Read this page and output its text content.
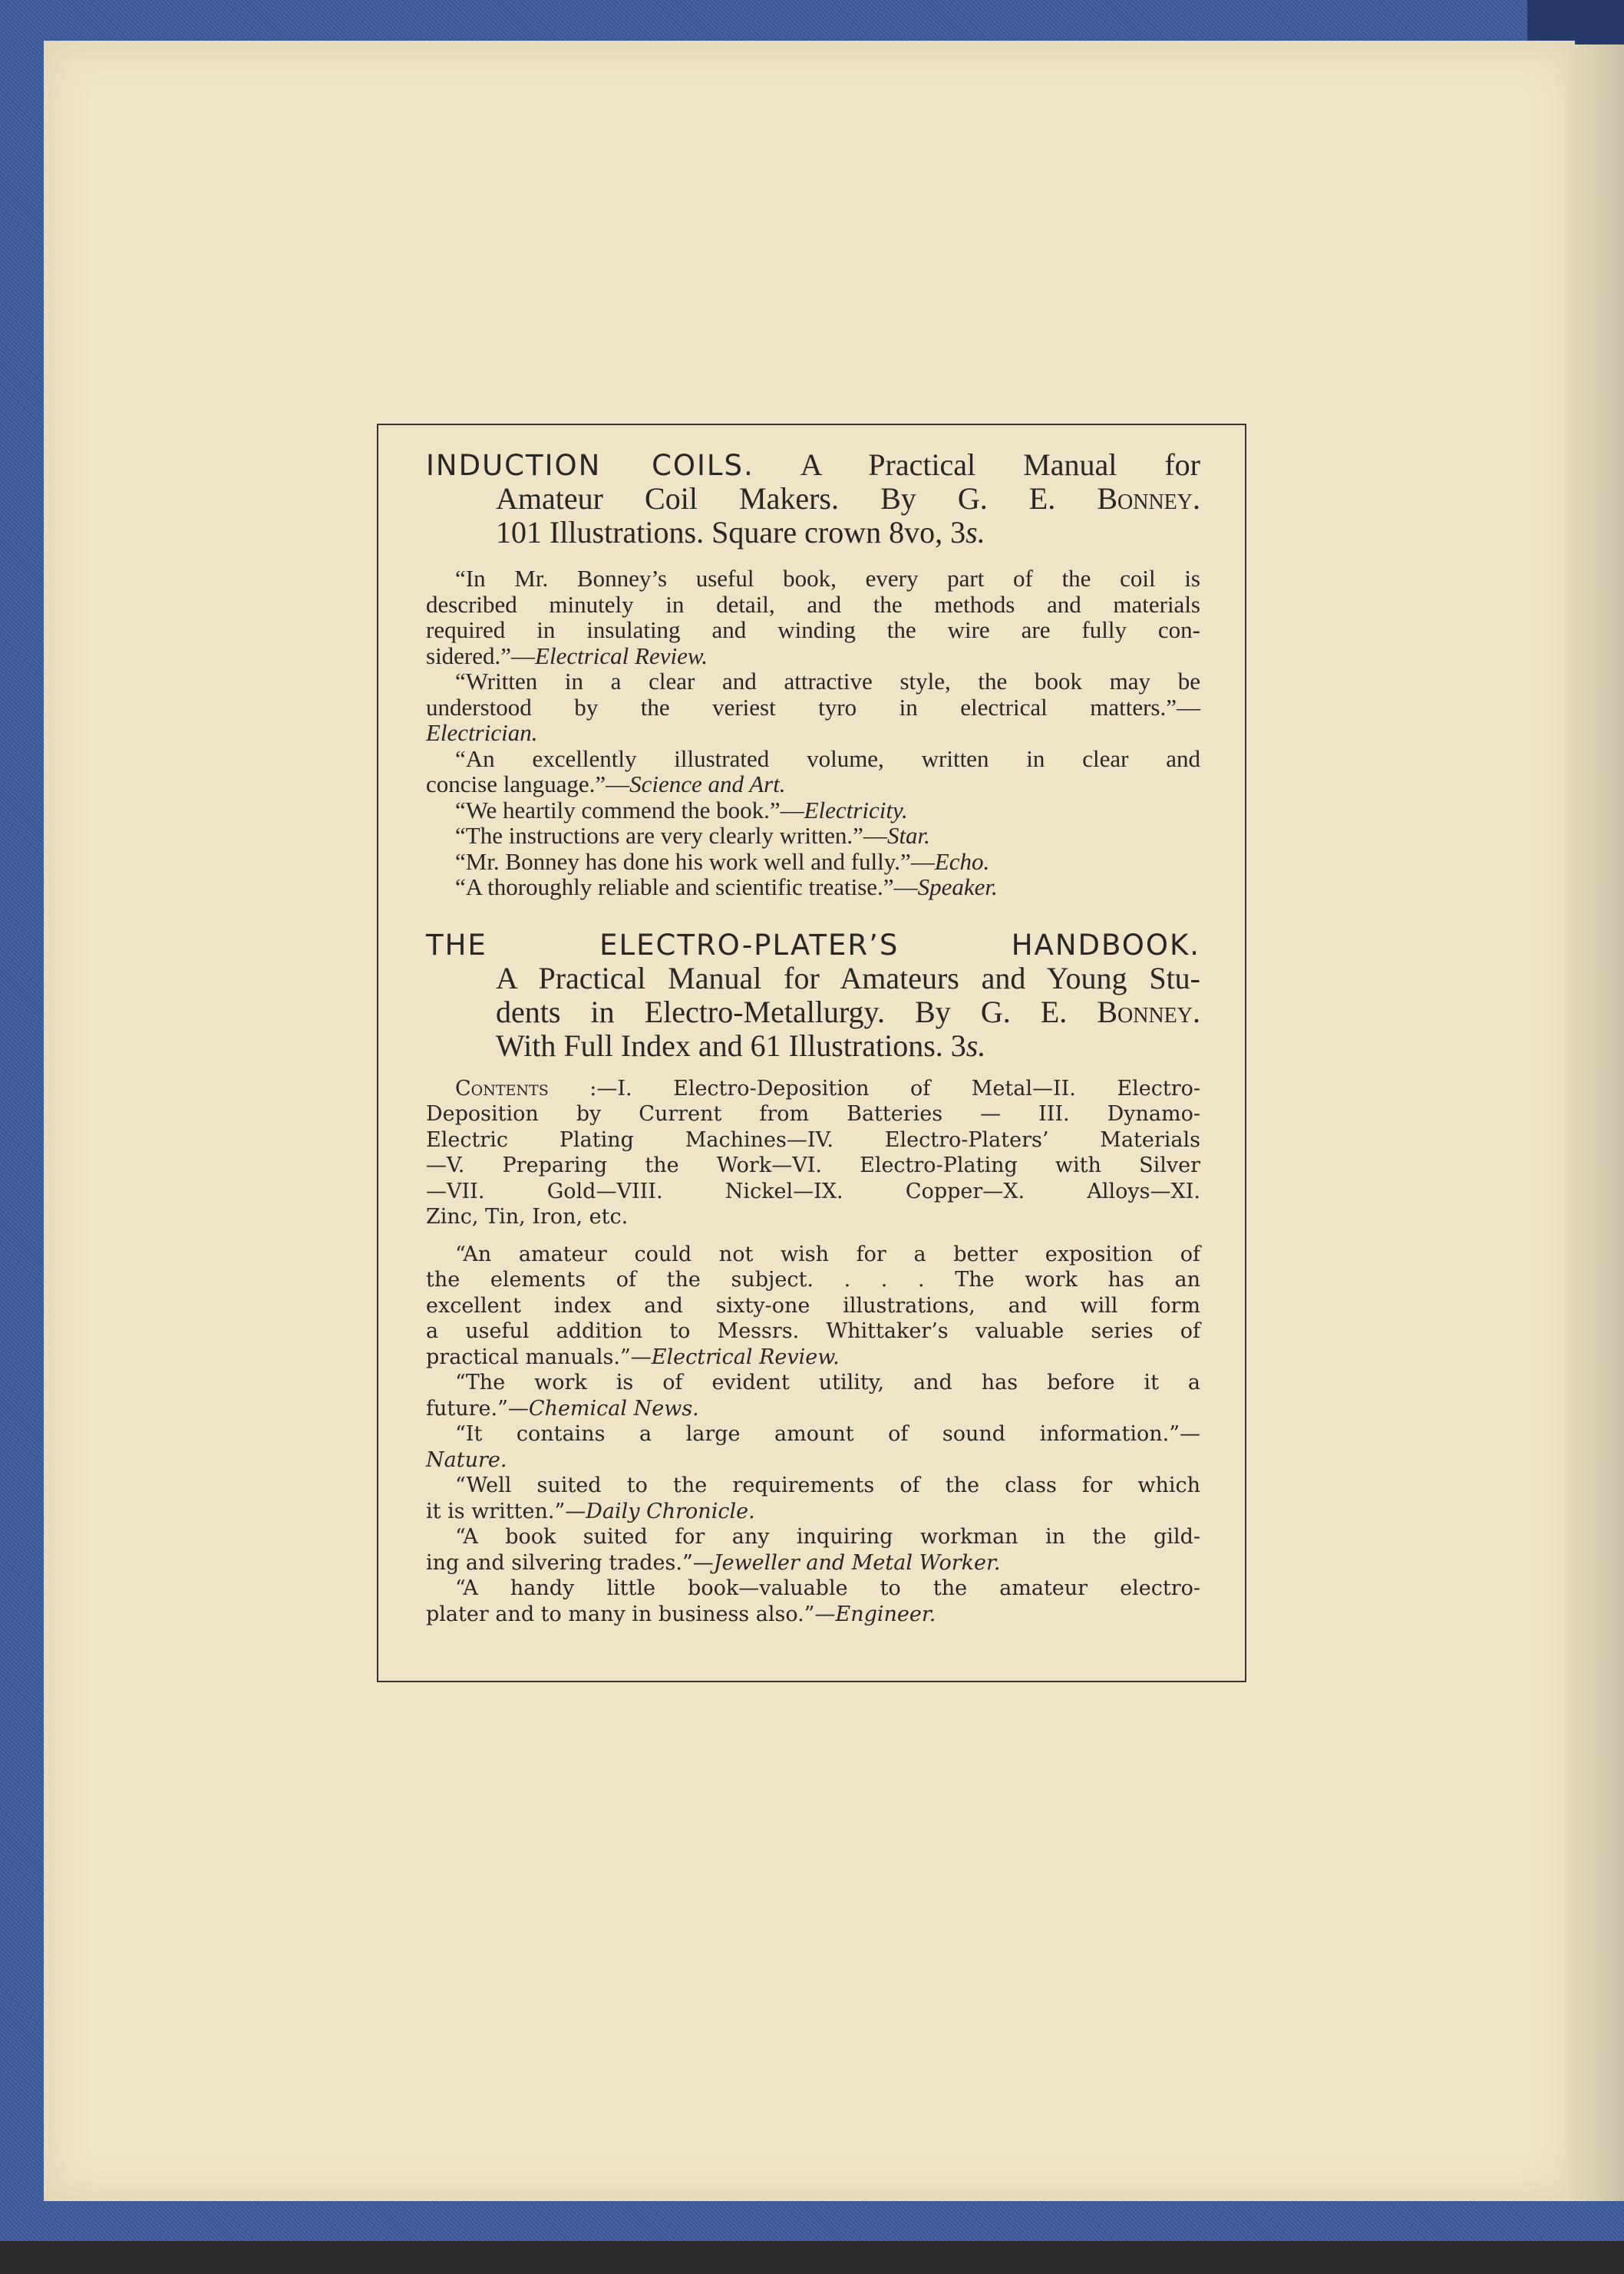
INDUCTION COILS. A Practical Manual for
Amateur Coil Makers. By G. E. Bonney.
101 Illustrations. Square crown 8vo, 3s.
“In Mr. Bonney’s useful book, every part of the coil is
described minutely in detail, and the methods and materials
required in insulating and winding the wire are fully con-
sidered.”—Electrical Review.
“Written in a clear and attractive style, the book may be
understood by the veriest tyro in electrical matters.”—
Electrician.
“An excellently illustrated volume, written in clear and
concise language.”—Science and Art.
“We heartily commend the book.”—Electricity.
“The instructions are very clearly written.”—Star.
“Mr. Bonney has done his work well and fully.”—Echo.
“A thoroughly reliable and scientific treatise.”—Speaker.
THE ELECTRO-PLATER’S HANDBOOK.
A Practical Manual for Amateurs and Young Stu-
dents in Electro-Metallurgy. By G. E. Bonney.
With Full Index and 61 Illustrations. 3s.
Contents :—I. Electro-Deposition of Metal—II. Electro-
Deposition by Current from Batteries — III. Dynamo-
Electric Plating Machines—IV. Electro-Platers’ Materials
—V. Preparing the Work—VI. Electro-Plating with Silver
—VII. Gold—VIII. Nickel—IX. Copper—X. Alloys—XI.
Zinc, Tin, Iron, etc.
“An amateur could not wish for a better exposition of
the elements of the subject. . . . The work has an
excellent index and sixty-one illustrations, and will form
a useful addition to Messrs. Whittaker’s valuable series of
practical manuals.”—Electrical Review.
“The work is of evident utility, and has before it a
future.”—Chemical News.
“It contains a large amount of sound information.”—
Nature.
“Well suited to the requirements of the class for which
it is written.”—Daily Chronicle.
“A book suited for any inquiring workman in the gild-
ing and silvering trades.”—Jeweller and Metal Worker.
“A handy little book—valuable to the amateur electro-
plater and to many in business also.”—Engineer.
